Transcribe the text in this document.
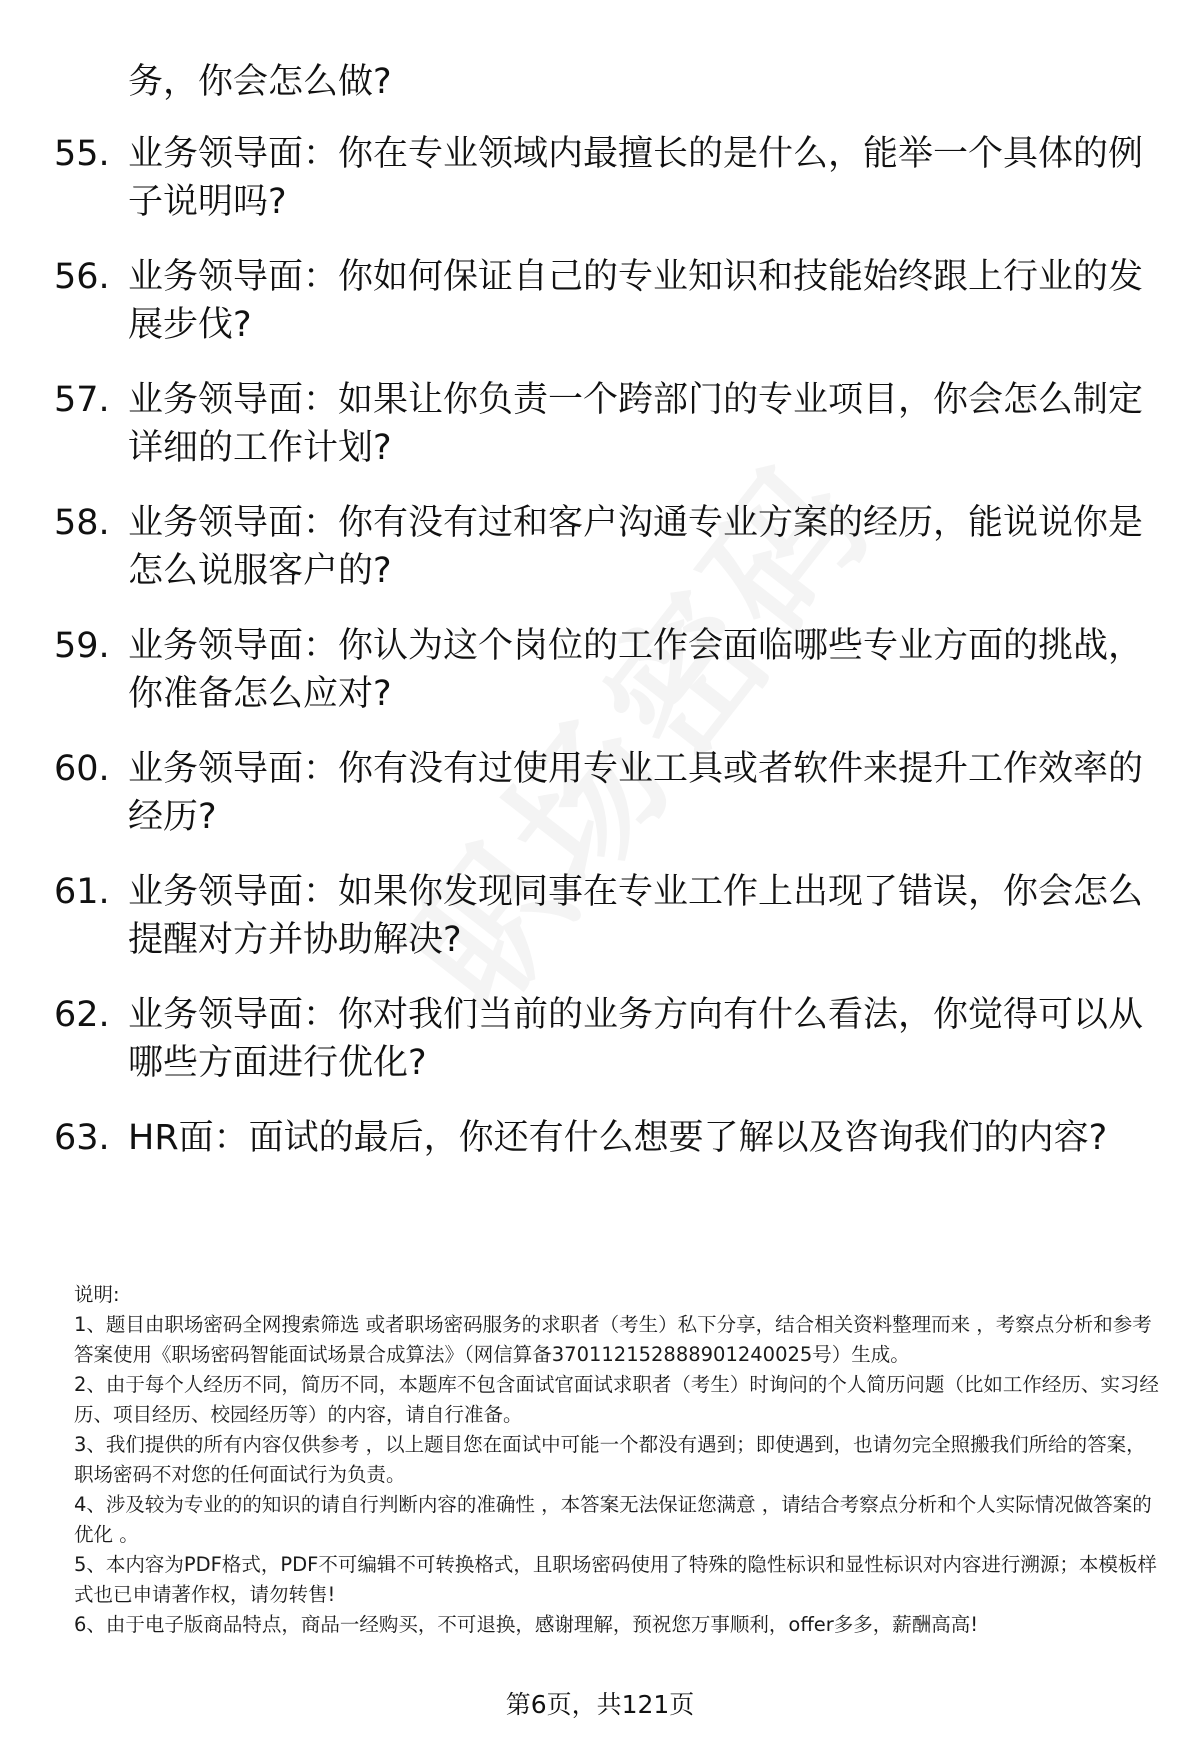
务，你会怎么做?
55. 业务领导面：你在专业领域内最擅长的是什么，能举一个具体的例子说明吗?
56. 业务领导面：你如何保证自己的专业知识和技能始终跟上行业的发展步伐?
57. 业务领导面：如果让你负责一个跨部门的专业项目，你会怎么制定详细的工作计划?
58. 业务领导面：你有没有过和客户沟通专业方案的经历，能说说你是怎么说服客户的?
59. 业务领导面：你认为这个岗位的工作会面临哪些专业方面的挑战，你准备怎么应对?
60. 业务领导面：你有没有过使用专业工具或者软件来提升工作效率的经历?
61. 业务领导面：如果你发现同事在专业工作上出现了错误，你会怎么提醒对方并协助解决?
62. 业务领导面：你对我们当前的业务方向有什么看法，你觉得可以从哪些方面进行优化?
63. HR面：面试的最后，你还有什么想要了解以及咨询我们的内容?

说明:

1、题目由职场密码全网搜索筛选 或者职场密码服务的求职者（考生）私下分享，结合相关资料整理而来 ，考察点分析和参考答案使用《职场密码智能面试场景合成算法》（网信算备370112152888901240025号）生成。

2、由于每个人经历不同，简历不同，本题库不包含面试官面试求职者（考生）时询问的个人简历问题（比如工作经历、实习经历、项目经历、校园经历等）的内容，请自行准备。

3、我们提供的所有内容仅供参考 ，以上题目您在面试中可能一个都没有遇到；即使遇到，也请勿完全照搬我们所给的答案，职场密码不对您的任何面试行为负责。

4、涉及较为专业的的知识的请自行判断内容的准确性 ，本答案无法保证您满意 ，请结合考察点分析和个人实际情况做答案的优化 。

5、本内容为PDF格式，PDF不可编辑不可转换格式，且职场密码使用了特殊的隐性标识和显性标识对内容进行溯源；本模板样式也已申请著作权，请勿转售!

6、由于电子版商品特点，商品一经购买，不可退换，感谢理解，预祝您万事顺利，offer多多，薪酬高高!

第6页，共121页
